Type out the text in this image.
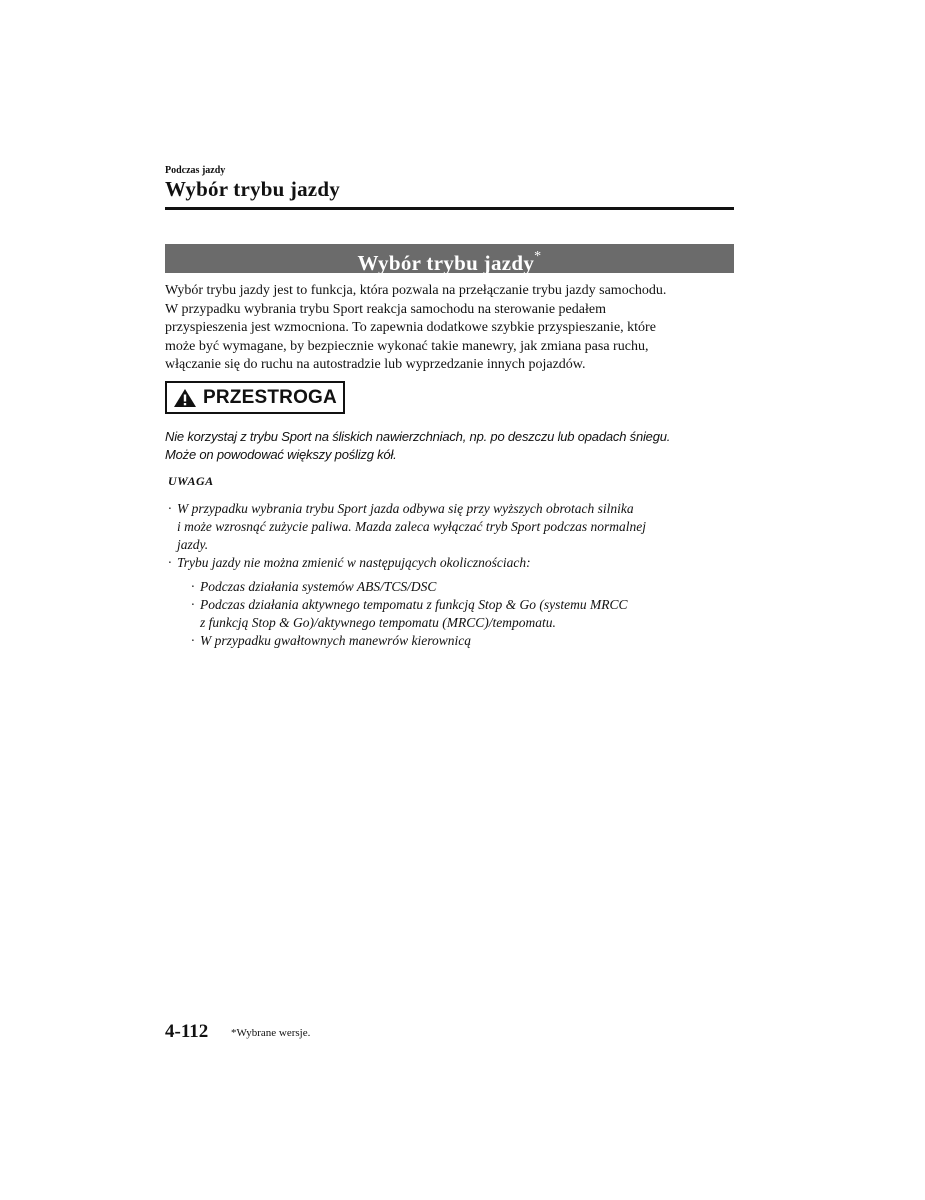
Podczas jazdy
Wybór trybu jazdy
Wybór trybu jazdy*
Wybór trybu jazdy jest to funkcja, która pozwala na przełączanie trybu jazdy samochodu.
W przypadku wybrania trybu Sport reakcja samochodu na sterowanie pedałem
przyspieszenia jest wzmocniona. To zapewnia dodatkowe szybkie przyspieszanie, które
może być wymagane, by bezpiecznie wykonać takie manewry, jak zmiana pasa ruchu,
włączanie się do ruchu na autostradzie lub wyprzedzanie innych pojazdów.
PRZESTROGA
Nie korzystaj z trybu Sport na śliskich nawierzchniach, np. po deszczu lub opadach śniegu.
Może on powodować większy poślizg kół.
UWAGA
· W przypadku wybrania trybu Sport jazda odbywa się przy wyższych obrotach silnika
i może wzrosnąć zużycie paliwa. Mazda zaleca wyłączać tryb Sport podczas normalnej
jazdy.
· Trybu jazdy nie można zmienić w następujących okolicznościach:
· Podczas działania systemów ABS/TCS/DSC
· Podczas działania aktywnego tempomatu z funkcją Stop & Go (systemu MRCC
z funkcją Stop & Go)/aktywnego tempomatu (MRCC)/tempomatu.
· W przypadku gwałtownych manewrów kierownicą
4-112 *Wybrane wersje.
